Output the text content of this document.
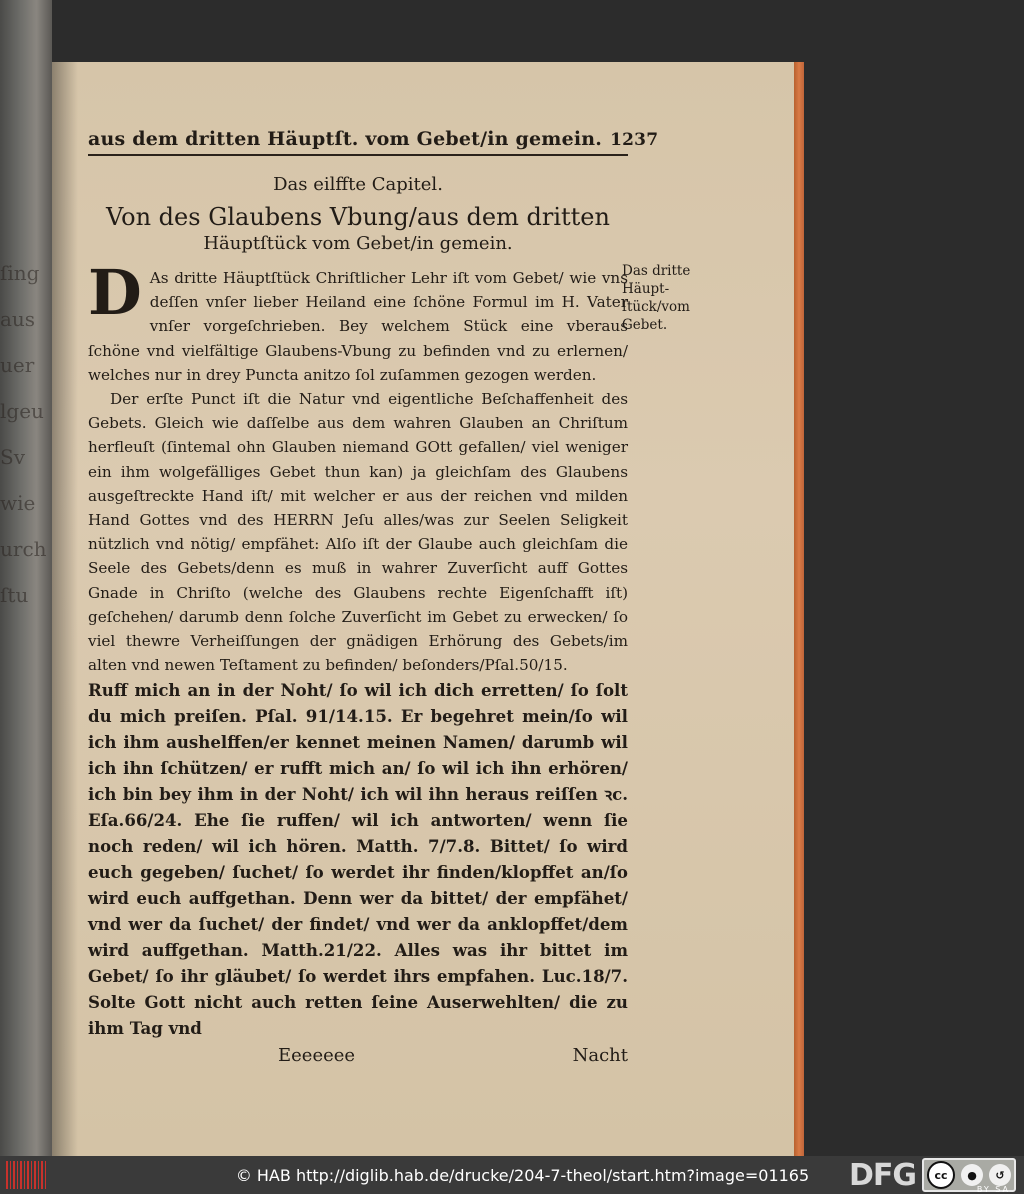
ſing
aus
uer
lgeu
Sv
wie
urch
ſtu
aus dem dritten Häuptſt. vom Gebet/in gemein. 1237
Das eilffte Capitel.
Von des Glaubens Vbung/aus dem dritten
Häuptſtück vom Gebet/in gemein.

D As dritte Häuptſtück Chriſtlicher Lehr iſt vom Gebet/ wie vns deſſen vnſer lieber Heiland eine ſchöne Formul im H. Vater vnſer vorgeſchrieben. Bey welchem Stück eine vberaus ſchöne vnd vielfältige Glaubens-Vbung zu befinden vnd zu erlernen/ welches nur in drey Puncta anitzo ſol zuſammen gezogen werden.

Der erſte Punct iſt die Natur vnd eigentliche Beſchaffenheit des Gebets. Gleich wie daſſelbe aus dem wahren Glauben an Chriſtum herfleuſt (ſintemal ohn Glauben niemand GOtt gefallen/ viel weniger ein ihm wolgefälliges Gebet thun kan) ja gleichſam des Glaubens ausgeſtreckte Hand iſt/ mit welcher er aus der reichen vnd milden Hand Gottes vnd des HERRN Jeſu alles/was zur Seelen Seligkeit nützlich vnd nötig/ empfähet: Alſo iſt der Glaube auch gleichſam die Seele des Gebets/denn es muß in wahrer Zuverſicht auff Gottes Gnade in Chriſto (welche des Glaubens rechte Eigenſchafft iſt) geſchehen/ darumb denn ſolche Zuverſicht im Gebet zu erwecken/ ſo viel thewre Verheiſſungen der gnädigen Erhörung des Gebets/im alten vnd newen Teſtament zu befinden/ beſonders/Pſal.50/15.

Ruff mich an in der Noht/ ſo wil ich dich erretten/ ſo ſolt du mich preiſen. Pſal. 91/14.15. Er begehret mein/ſo wil ich ihm aushelffen/er kennet meinen Namen/ darumb wil ich ihn ſchützen/ er rufft mich an/ ſo wil ich ihn erhören/ ich bin bey ihm in der Noht/ ich wil ihn heraus reiſſen ꝛc. Eſa.66/24. Ehe ſie ruffen/ wil ich antworten/ wenn ſie noch reden/ wil ich hören. Matth. 7/7.8. Bittet/ ſo wird euch gegeben/ ſuchet/ ſo werdet ihr finden/klopffet an/ſo wird euch auffgethan. Denn wer da bittet/ der empfähet/ vnd wer da ſuchet/ der findet/ vnd wer da anklopffet/dem wird auffgethan. Matth.21/22. Alles was ihr bittet im Gebet/ ſo ihr gläubet/ ſo werdet ihrs empfahen. Luc.18/7. Solte Gott nicht auch retten ſeine Auserwehlten/ die zu ihm Tag vnd

Eeeeeee	Nacht
Das dritte Häupt-ſtück/vom Gebet.
© HAB http://diglib.hab.de/drucke/204-7-theol/start.htm?image=01165	DFG	cc	●	↺
BY SA
